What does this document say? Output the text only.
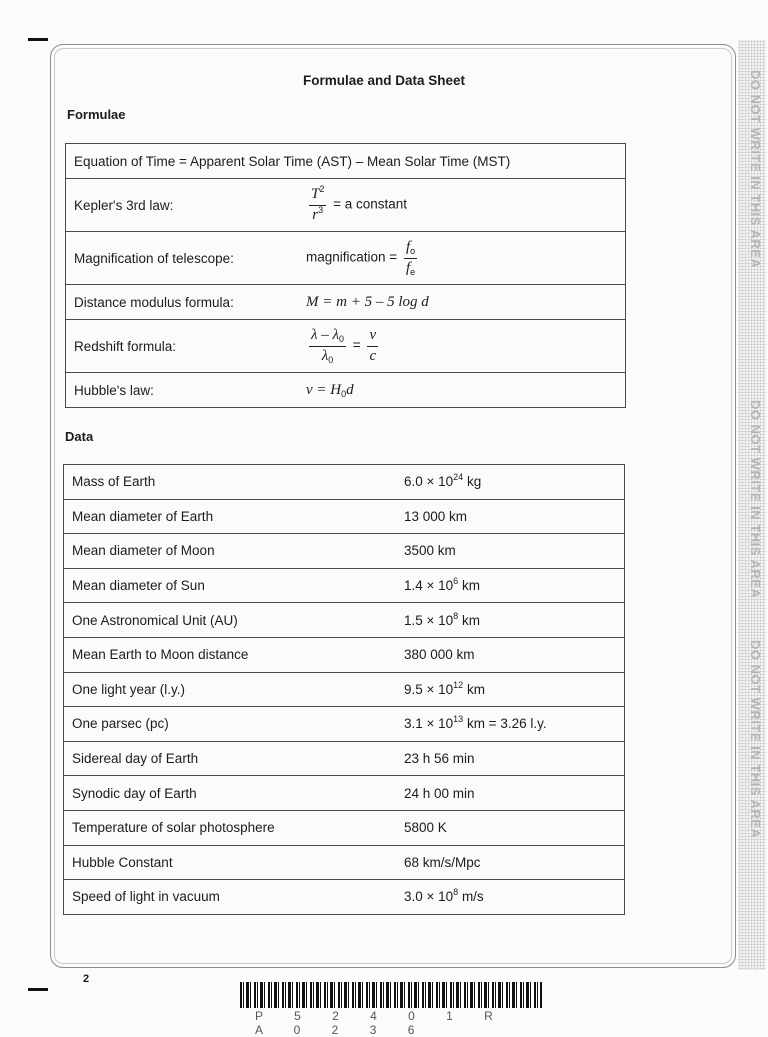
DO NOT WRITE IN THIS AREA
DO NOT WRITE IN THIS AREA
DO NOT WRITE IN THIS AREA
Formulae and Data Sheet
Formulae
Equation of Time = Apparent Solar Time (AST) – Mean Solar Time (MST)	
Kepler's 3rd law:	$\frac{T^2}{r^3} = a$ constant
Magnification of telescope:	magnification = $\frac{f_o}{f_e}$

Distance modulus formula:	M = m + 5 – 5 log d
Redshift formula:	$\frac{\lambda - \lambda_0}{\lambda_0} = \frac{v}{c}$

Hubble's law:	$v = H_0d$
Data
Mass of Earth	$6.0 \times 10^{24}$ kg
Mean diameter of Earth	13 000 km
Mean diameter of Moon	3500 km
Mean diameter of Sun	$1.4 \times 10^6$ km
One Astronomical Unit (AU)	$1.5 \times 10^8$ km
Mean Earth to Moon distance	380 000 km
One light year (l.y.)	$9.5 \times 10^{12}$ km
One parsec (pc)	$3.1 \times 10^{13}$ km = 3.26 l.y.
Sidereal day of Earth	23 h 56 min
Synodic day of Earth	24 h 00 min
Temperature of solar photosphere	5800 K
Hubble Constant	68 km/s/Mpc
Speed of light in vacuum	$3.0 \times 10^8$ m/s
2
P 5 2 4 0 1 R A 0 2 3 6
